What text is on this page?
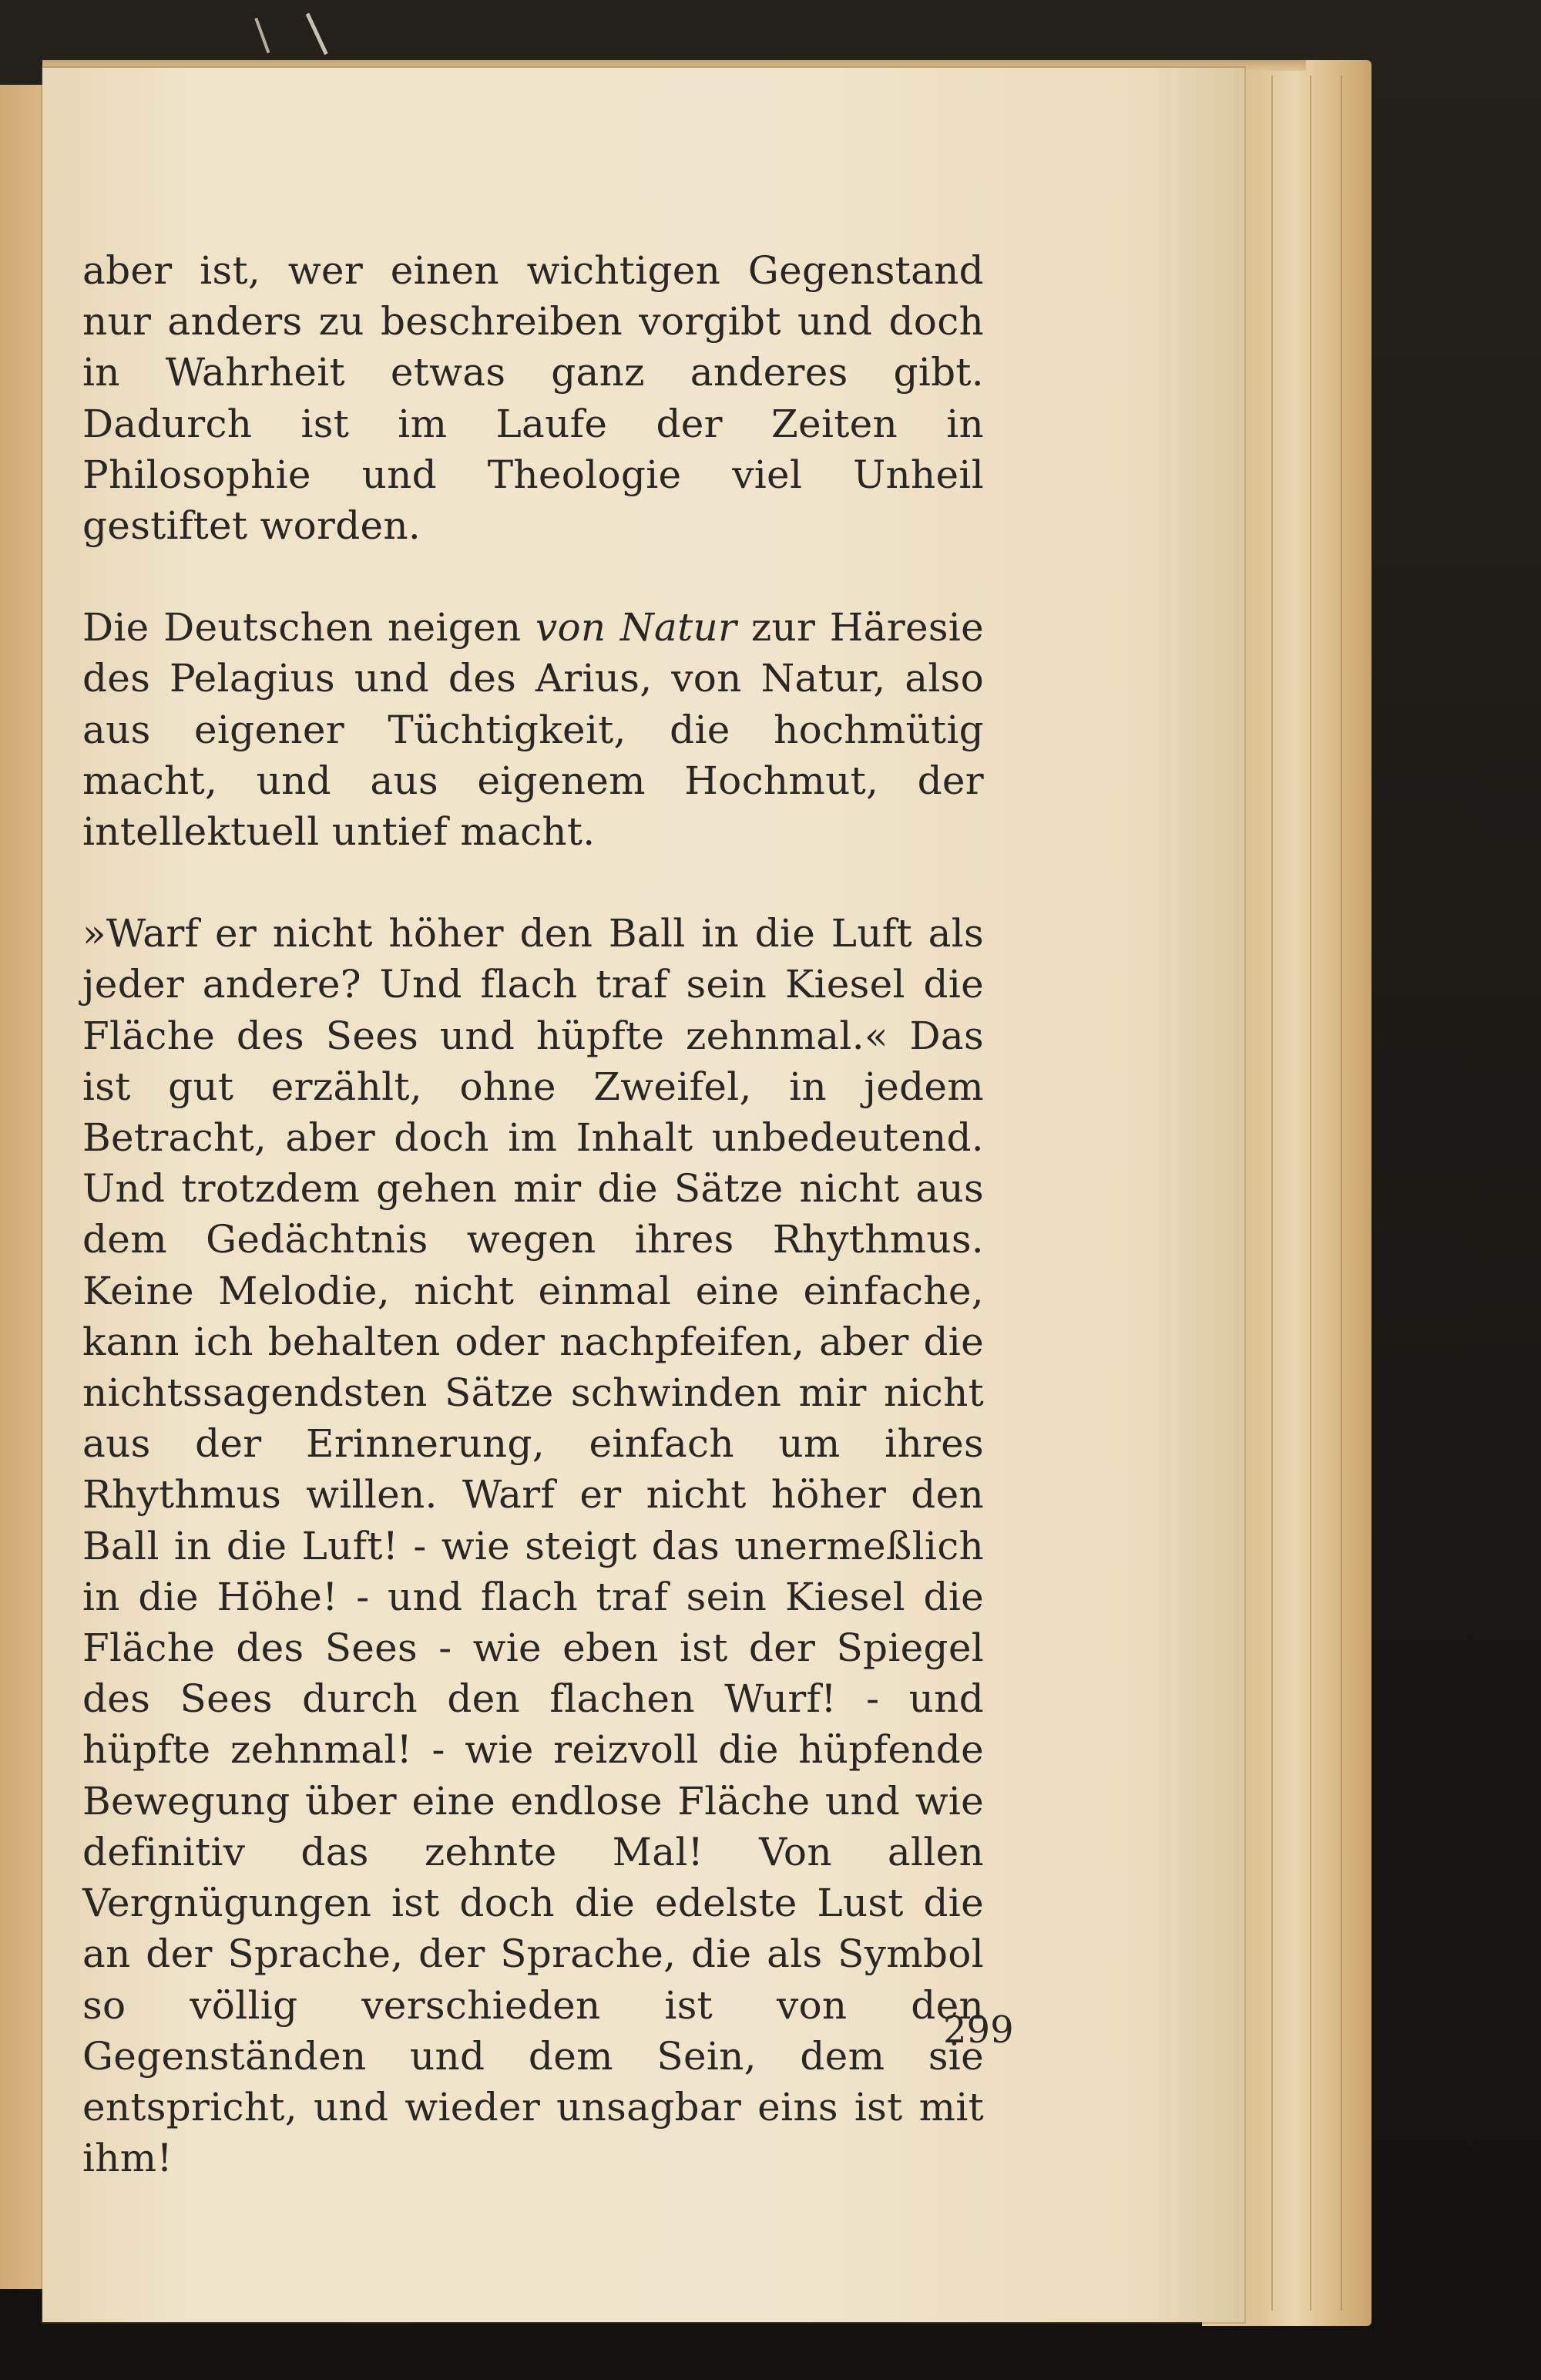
aber ist, wer einen wichtigen Gegenstand nur anders zu beschreiben vorgibt und doch in Wahrheit etwas ganz anderes gibt. Dadurch ist im Laufe der Zeiten in Philosophie und Theologie viel Unheil gestiftet worden.

Die Deutschen neigen von Natur zur Häresie des Pelagius und des Arius, von Natur, also aus eigener Tüchtigkeit, die hochmütig macht, und aus eigenem Hochmut, der intellektuell untief macht.

»Warf er nicht höher den Ball in die Luft als jeder andere? Und flach traf sein Kiesel die Fläche des Sees und hüpfte zehnmal.« Das ist gut erzählt, ohne Zweifel, in jedem Betracht, aber doch im Inhalt unbedeutend. Und trotzdem gehen mir die Sätze nicht aus dem Gedächtnis wegen ihres Rhythmus. Keine Melodie, nicht einmal eine einfache, kann ich behalten oder nachpfeifen, aber die nichtssagendsten Sätze schwinden mir nicht aus der Erinnerung, einfach um ihres Rhythmus willen. Warf er nicht höher den Ball in die Luft! - wie steigt das unermeßlich in die Höhe! - und flach traf sein Kiesel die Fläche des Sees - wie eben ist der Spiegel des Sees durch den flachen Wurf! - und hüpfte zehnmal! - wie reizvoll die hüpfende Bewegung über eine endlose Fläche und wie definitiv das zehnte Mal! Von allen Vergnügungen ist doch die edelste Lust die an der Sprache, der Sprache, die als Symbol so völlig verschieden ist von den Gegenständen und dem Sein, dem sie entspricht, und wieder unsagbar eins ist mit ihm!

299
